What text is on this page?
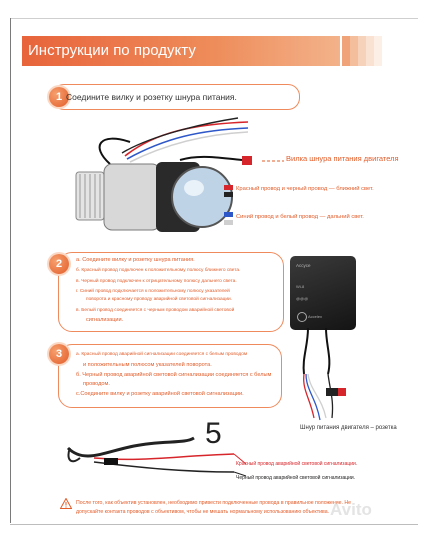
Инструкции по продукту
1 Соедините вилку и розетку шнура питания.
Вилка шнура питания двигателя
Красный провод и черный провод — ближний свет.
Синий провод и белый провод — дальний свет.
2	а. Соедините вилку и розетку шнура питания.
б. Красный провод подключен к положительному полюсу ближнего света.
в. Черный провод подключен к отрицательному полюсу дальнего света.
г. Синий провод подключается к положительному полюсу указателей
поворота и красному проводу аварийной световой сигнализации.
в. Белый провод соединяется с черным проводом аварийной световой
сигнализации.
Accyce
Wi-8
@@@
Accelex
Шнур питания двигателя – розетка
3	а. Красный провод аварийной сигнализации соединяется с белым проводом
и положительным полюсом указателей поворота.
б. Черный провод аварийной световой сигнализации соединяется с белым
проводом.
с.Соедините вилку и розетку аварийной световой сигнализации.
5
Красный провод аварийной световой сигнализации.
Черный провод аварийной световой сигнализации.
После того, как объектив установлен, необходимо привести подключенные провода в правильное положение. Не
допускайте контакта проводов с объективом, чтобы не мешать нормальному использованию объектива. Avito
